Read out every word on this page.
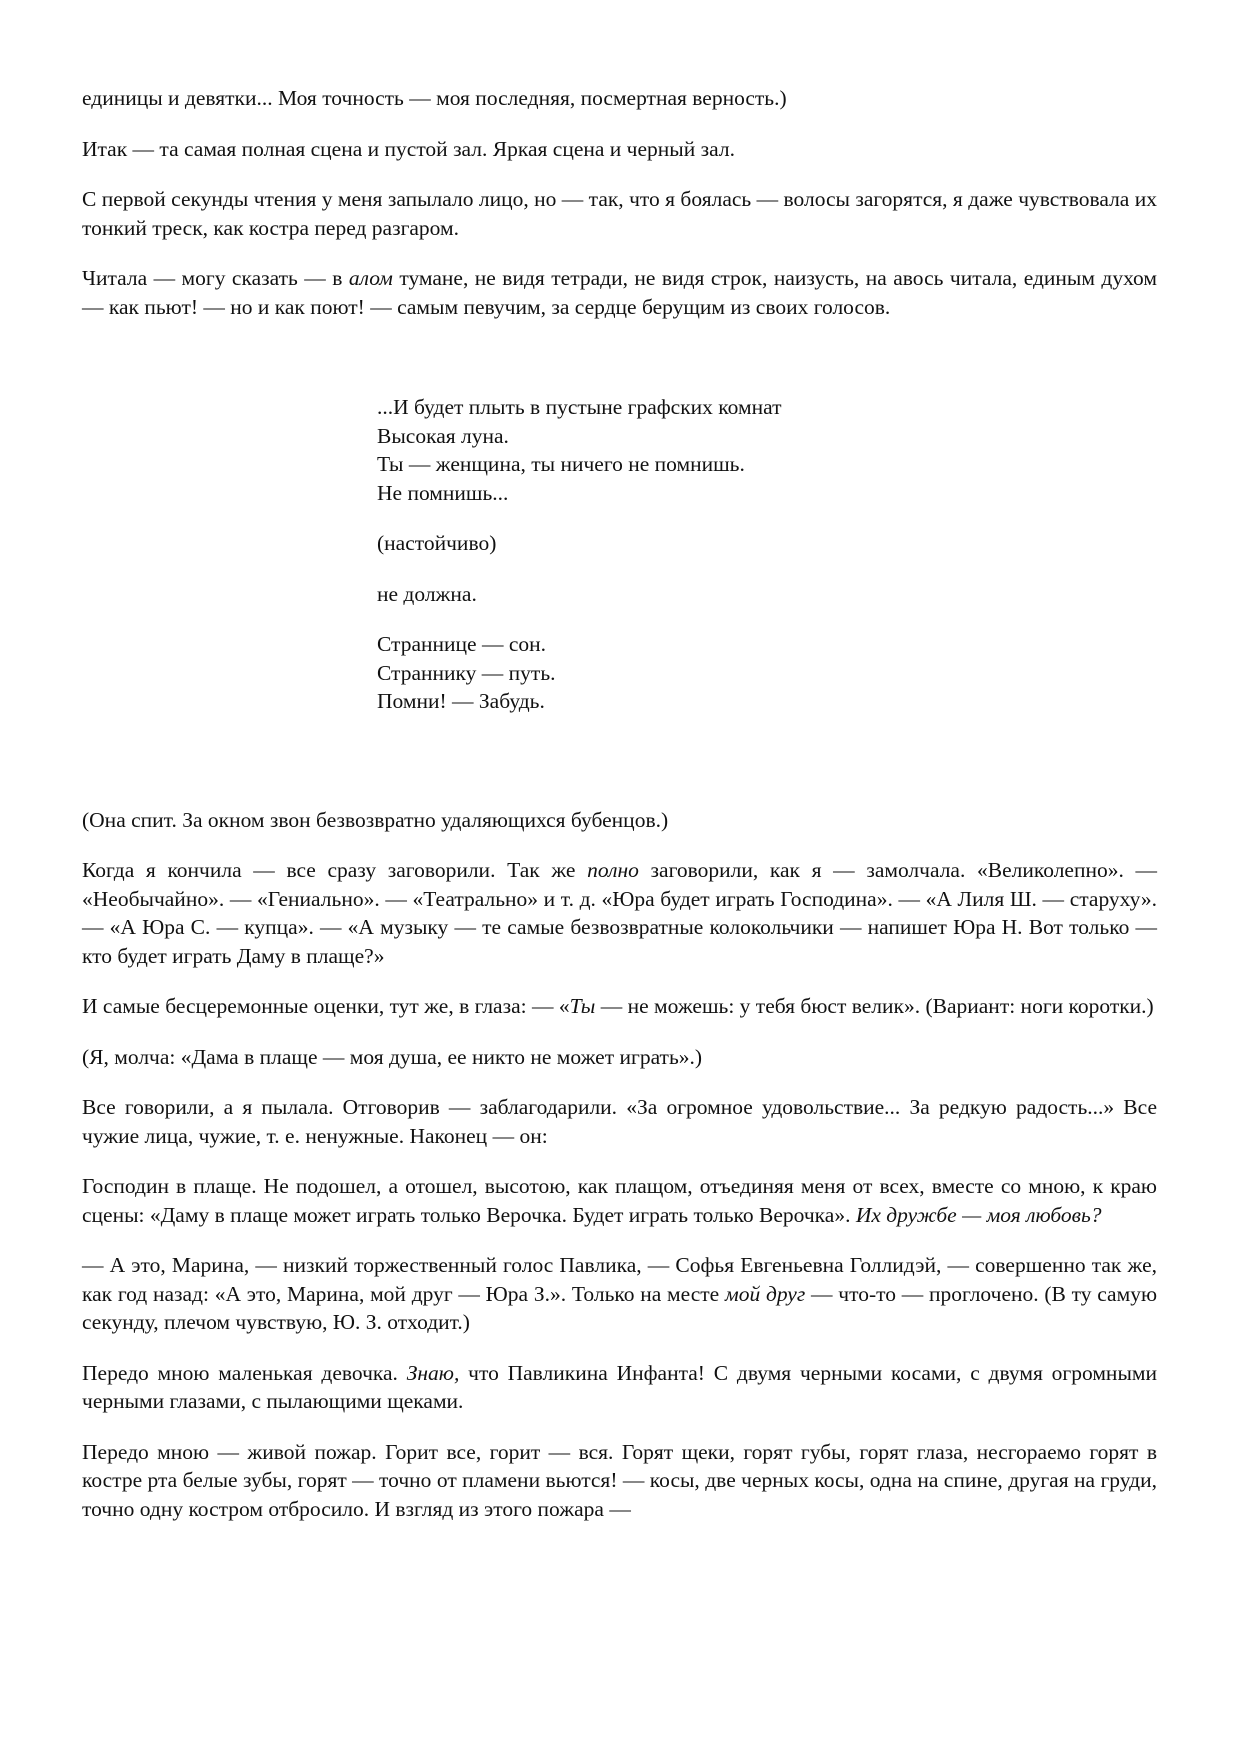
единицы и девятки... Моя точность — моя последняя, посмертная верность.)

Итак — та самая полная сцена и пустой зал. Яркая сцена и черный зал.

С первой секунды чтения у меня запылало лицо, но — так, что я боялась — волосы загорятся, я даже чувствовала их тонкий треск, как костра перед разгаром.

Читала — могу сказать — в алом тумане, не видя тетради, не видя строк, наизусть, на авось читала, единым духом — как пьют! — но и как поют! — самым певучим, за сердце берущим из своих голосов.

...И будет плыть в пустыне графских комнат
Высокая луна.
Ты — женщина, ты ничего не помнишь.
Не помнишь...
(настойчиво)
не должна.
Страннице — сон.
Страннику — путь.
Помни! — Забудь.

(Она спит. За окном звон безвозвратно удаляющихся бубенцов.)

Когда я кончила — все сразу заговорили. Так же полно заговорили, как я — замолчала. «Великолепно». — «Необычайно». — «Гениально». — «Театрально» и т. д. «Юра будет играть Господина». — «А Лиля Ш. — старуху». — «А Юра С. — купца». — «А музыку — те самые безвозвратные колокольчики — напишет Юра Н. Вот только — кто будет играть Даму в плаще?»

И самые бесцеремонные оценки, тут же, в глаза: — «Ты — не можешь: у тебя бюст велик». (Вариант: ноги коротки.)

(Я, молча: «Дама в плаще — моя душа, ее никто не может играть».)

Все говорили, а я пылала. Отговорив — заблагодарили. «За огромное удовольствие... За редкую радость...» Все чужие лица, чужие, т. е. ненужные. Наконец — он:

Господин в плаще. Не подошел, а отошел, высотою, как плащом, отъединяя меня от всех, вместе со мною, к краю сцены: «Даму в плаще может играть только Верочка. Будет играть только Верочка». Их дружбе — моя любовь?

— А это, Марина, — низкий торжественный голос Павлика, — Софья Евгеньевна Голлидэй, — совершенно так же, как год назад: «А это, Марина, мой друг — Юра З.». Только на месте мой друг — что-то — проглочено. (В ту самую секунду, плечом чувствую, Ю. З. отходит.)

Передо мною маленькая девочка. Знаю, что Павликина Инфанта! С двумя черными косами, с двумя огромными черными глазами, с пылающими щеками.

Передо мною — живой пожар. Горит все, горит — вся. Горят щеки, горят губы, горят глаза, несгораемо горят в костре рта белые зубы, горят — точно от пламени вьются! — косы, две черных косы, одна на спине, другая на груди, точно одну костром отбросило. И взгляд из этого пожара —
